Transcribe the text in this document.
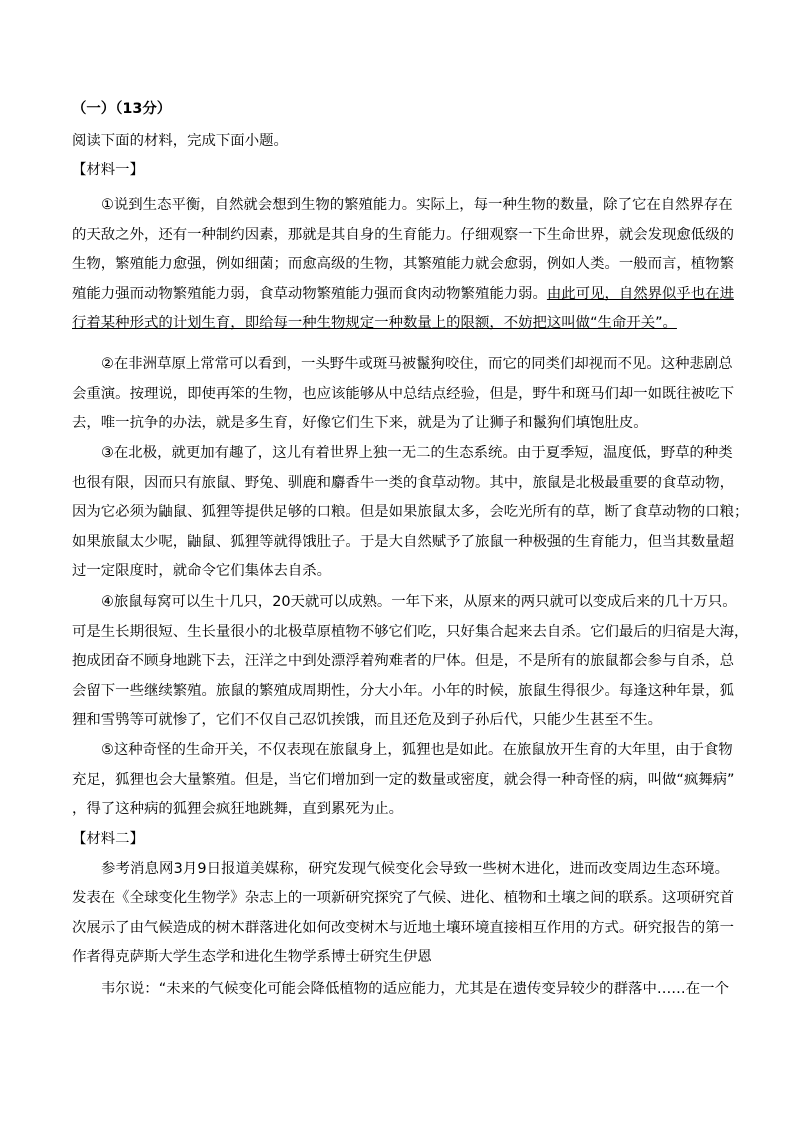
（一）（13分）
阅读下面的材料，完成下面小题。
【材料一】
①说到生态平衡，自然就会想到生物的繁殖能力。实际上，每一种生物的数量，除了它在自然界存在
的天敌之外，还有一种制约因素，那就是其自身的生育能力。仔细观察一下生命世界，就会发现愈低级的
生物，繁殖能力愈强，例如细菌；而愈高级的生物，其繁殖能力就会愈弱，例如人类。一般而言，植物繁
殖能力强而动物繁殖能力弱，食草动物繁殖能力强而食肉动物繁殖能力弱。由此可见，自然界似乎也在进
行着某种形式的计划生育，即给每一种生物规定一种数量上的限额，不妨把这叫做“生命开关”。
②在非洲草原上常常可以看到，一头野牛或斑马被鬣狗咬住，而它的同类们却视而不见。这种悲剧总
会重演。按理说，即使再笨的生物，也应该能够从中总结点经验，但是，野牛和斑马们却一如既往被吃下
去，唯一抗争的办法，就是多生育，好像它们生下来，就是为了让狮子和鬣狗们填饱肚皮。
③在北极，就更加有趣了，这儿有着世界上独一无二的生态系统。由于夏季短，温度低，野草的种类
也很有限，因而只有旅鼠、野兔、驯鹿和麝香牛一类的食草动物。其中，旅鼠是北极最重要的食草动物，
因为它必须为鼬鼠、狐狸等提供足够的口粮。但是如果旅鼠太多，会吃光所有的草，断了食草动物的口粮；
如果旅鼠太少呢，鼬鼠、狐狸等就得饿肚子。于是大自然赋予了旅鼠一种极强的生育能力，但当其数量超
过一定限度时，就命令它们集体去自杀。
④旅鼠每窝可以生十几只，20天就可以成熟。一年下来，从原来的两只就可以变成后来的几十万只。
可是生长期很短、生长量很小的北极草原植物不够它们吃，只好集合起来去自杀。它们最后的归宿是大海，
抱成团奋不顾身地跳下去，汪洋之中到处漂浮着殉难者的尸体。但是，不是所有的旅鼠都会参与自杀，总
会留下一些继续繁殖。旅鼠的繁殖成周期性，分大小年。小年的时候，旅鼠生得很少。每逢这种年景，狐
狸和雪鸮等可就惨了，它们不仅自己忍饥挨饿，而且还危及到子孙后代，只能少生甚至不生。
⑤这种奇怪的生命开关，不仅表现在旅鼠身上，狐狸也是如此。在旅鼠放开生育的大年里，由于食物
充足，狐狸也会大量繁殖。但是，当它们增加到一定的数量或密度，就会得一种奇怪的病，叫做“疯舞病”
，得了这种病的狐狸会疯狂地跳舞，直到累死为止。
【材料二】
参考消息网3月9日报道美媒称，研究发现气候变化会导致一些树木进化，进而改变周边生态环境。
发表在《全球变化生物学》杂志上的一项新研究探究了气候、进化、植物和土壤之间的联系。这项研究首
次展示了由气候造成的树木群落进化如何改变树木与近地土壤环境直接相互作用的方式。研究报告的第一
作者得克萨斯大学生态学和进化生物学系博士研究生伊恩
韦尔说：“未来的气候变化可能会降低植物的适应能力，尤其是在遗传变异较少的群落中……在一个
